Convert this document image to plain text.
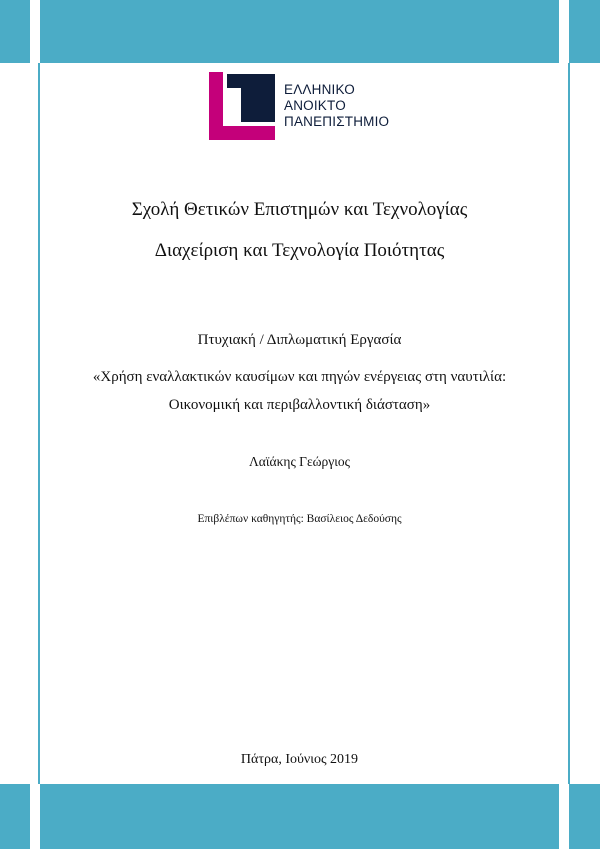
ΕΛΛΗΝΙΚΟ
ΑΝΟΙΚΤΟ
ΠΑΝΕΠΙΣΤΗΜΙΟ
Σχολή Θετικών Επιστημών και Τεχνολογίας
Διαχείριση και Τεχνολογία Ποιότητας
Πτυχιακή / Διπλωματική Εργασία
«Χρήση εναλλακτικών καυσίμων και πηγών ενέργειας στη ναυτιλία:
Οικονομική και περιβαλλοντική διάσταση»
Λαϊάκης Γεώργιος
Επιβλέπων καθηγητής: Βασίλειος Δεδούσης
Πάτρα, Ιούνιος 2019
